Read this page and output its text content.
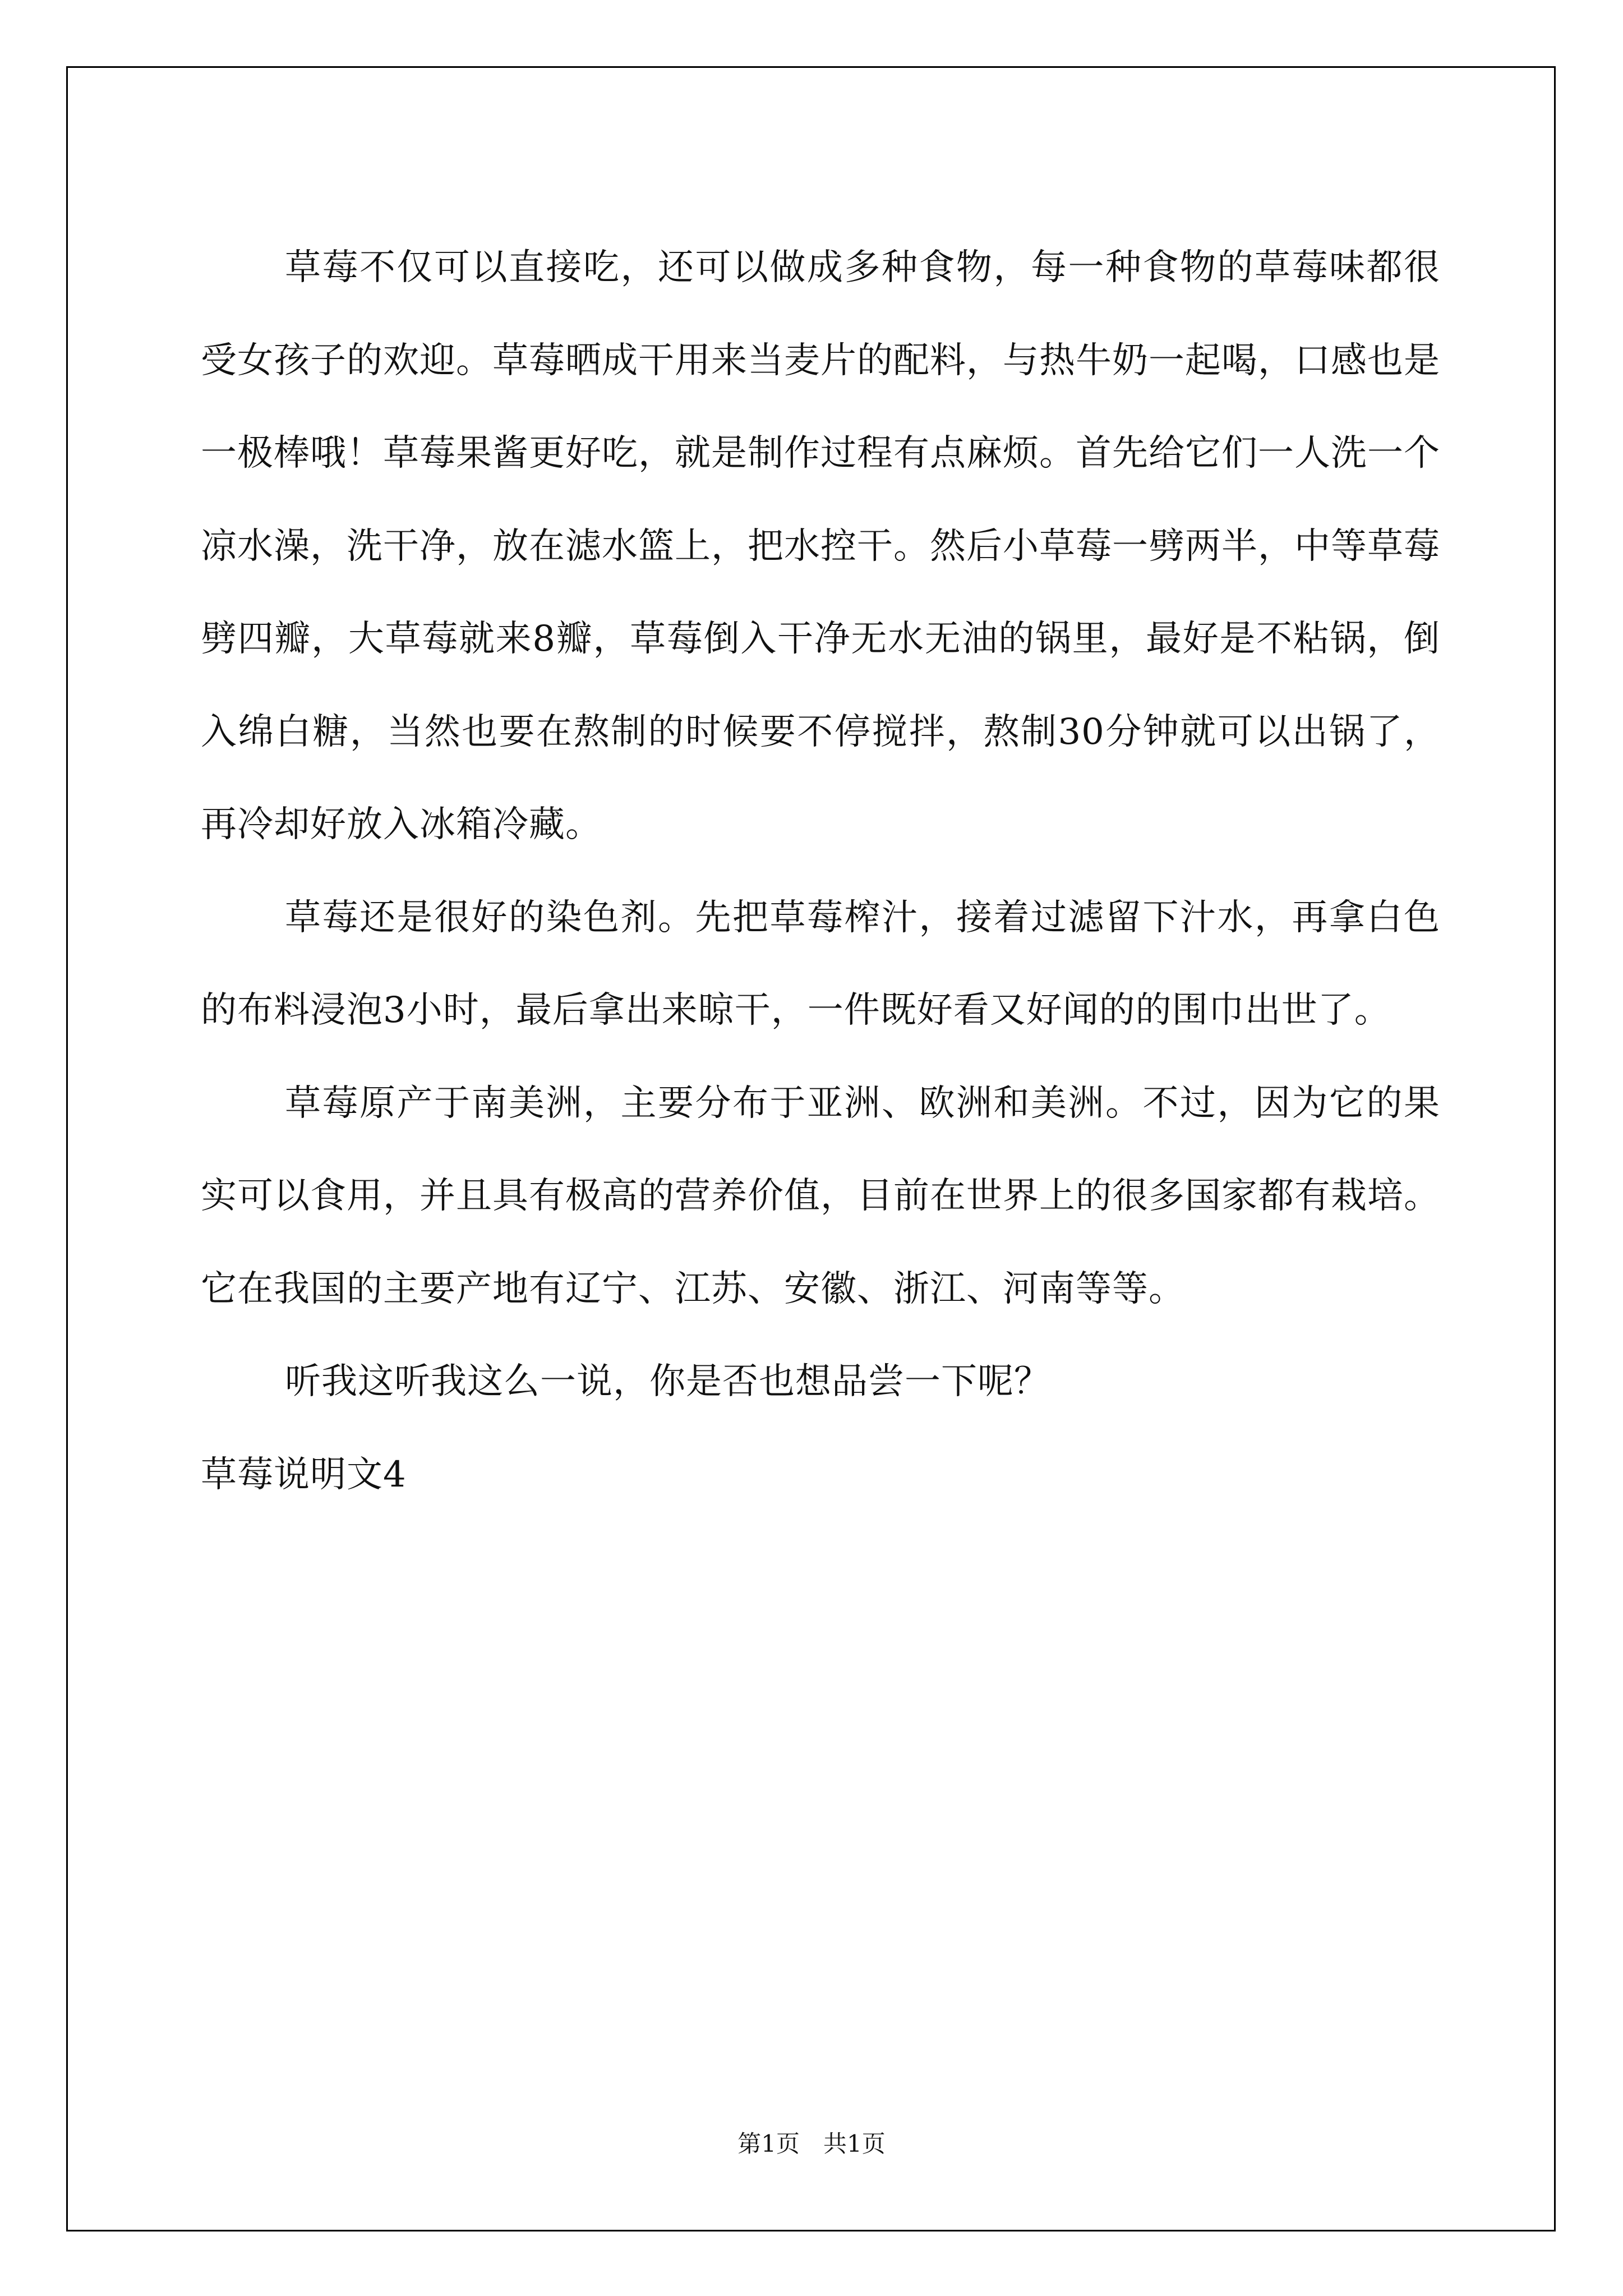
草莓不仅可以直接吃，还可以做成多种食物，每一种食物的草莓味都很受女孩子的欢迎。草莓晒成干用来当麦片的配料，与热牛奶一起喝，口感也是一极棒哦！草莓果酱更好吃，就是制作过程有点麻烦。首先给它们一人洗一个凉水澡，洗干净，放在滤水篮上，把水控干。然后小草莓一劈两半，中等草莓劈四瓣，大草莓就来8瓣，草莓倒入干净无水无油的锅里，最好是不粘锅，倒入绵白糖，当然也要在熬制的时候要不停搅拌，熬制30分钟就可以出锅了，再冷却好放入冰箱冷藏。

草莓还是很好的染色剂。先把草莓榨汁，接着过滤留下汁水，再拿白色的布料浸泡3小时，最后拿出来晾干，一件既好看又好闻的的围巾出世了。

草莓原产于南美洲，主要分布于亚洲、欧洲和美洲。不过，因为它的果实可以食用，并且具有极高的营养价值，目前在世界上的很多国家都有栽培。它在我国的主要产地有辽宁、江苏、安徽、浙江、河南等等。

听我这听我这么一说，你是否也想品尝一下呢？

草莓说明文4

第1页　共1页
